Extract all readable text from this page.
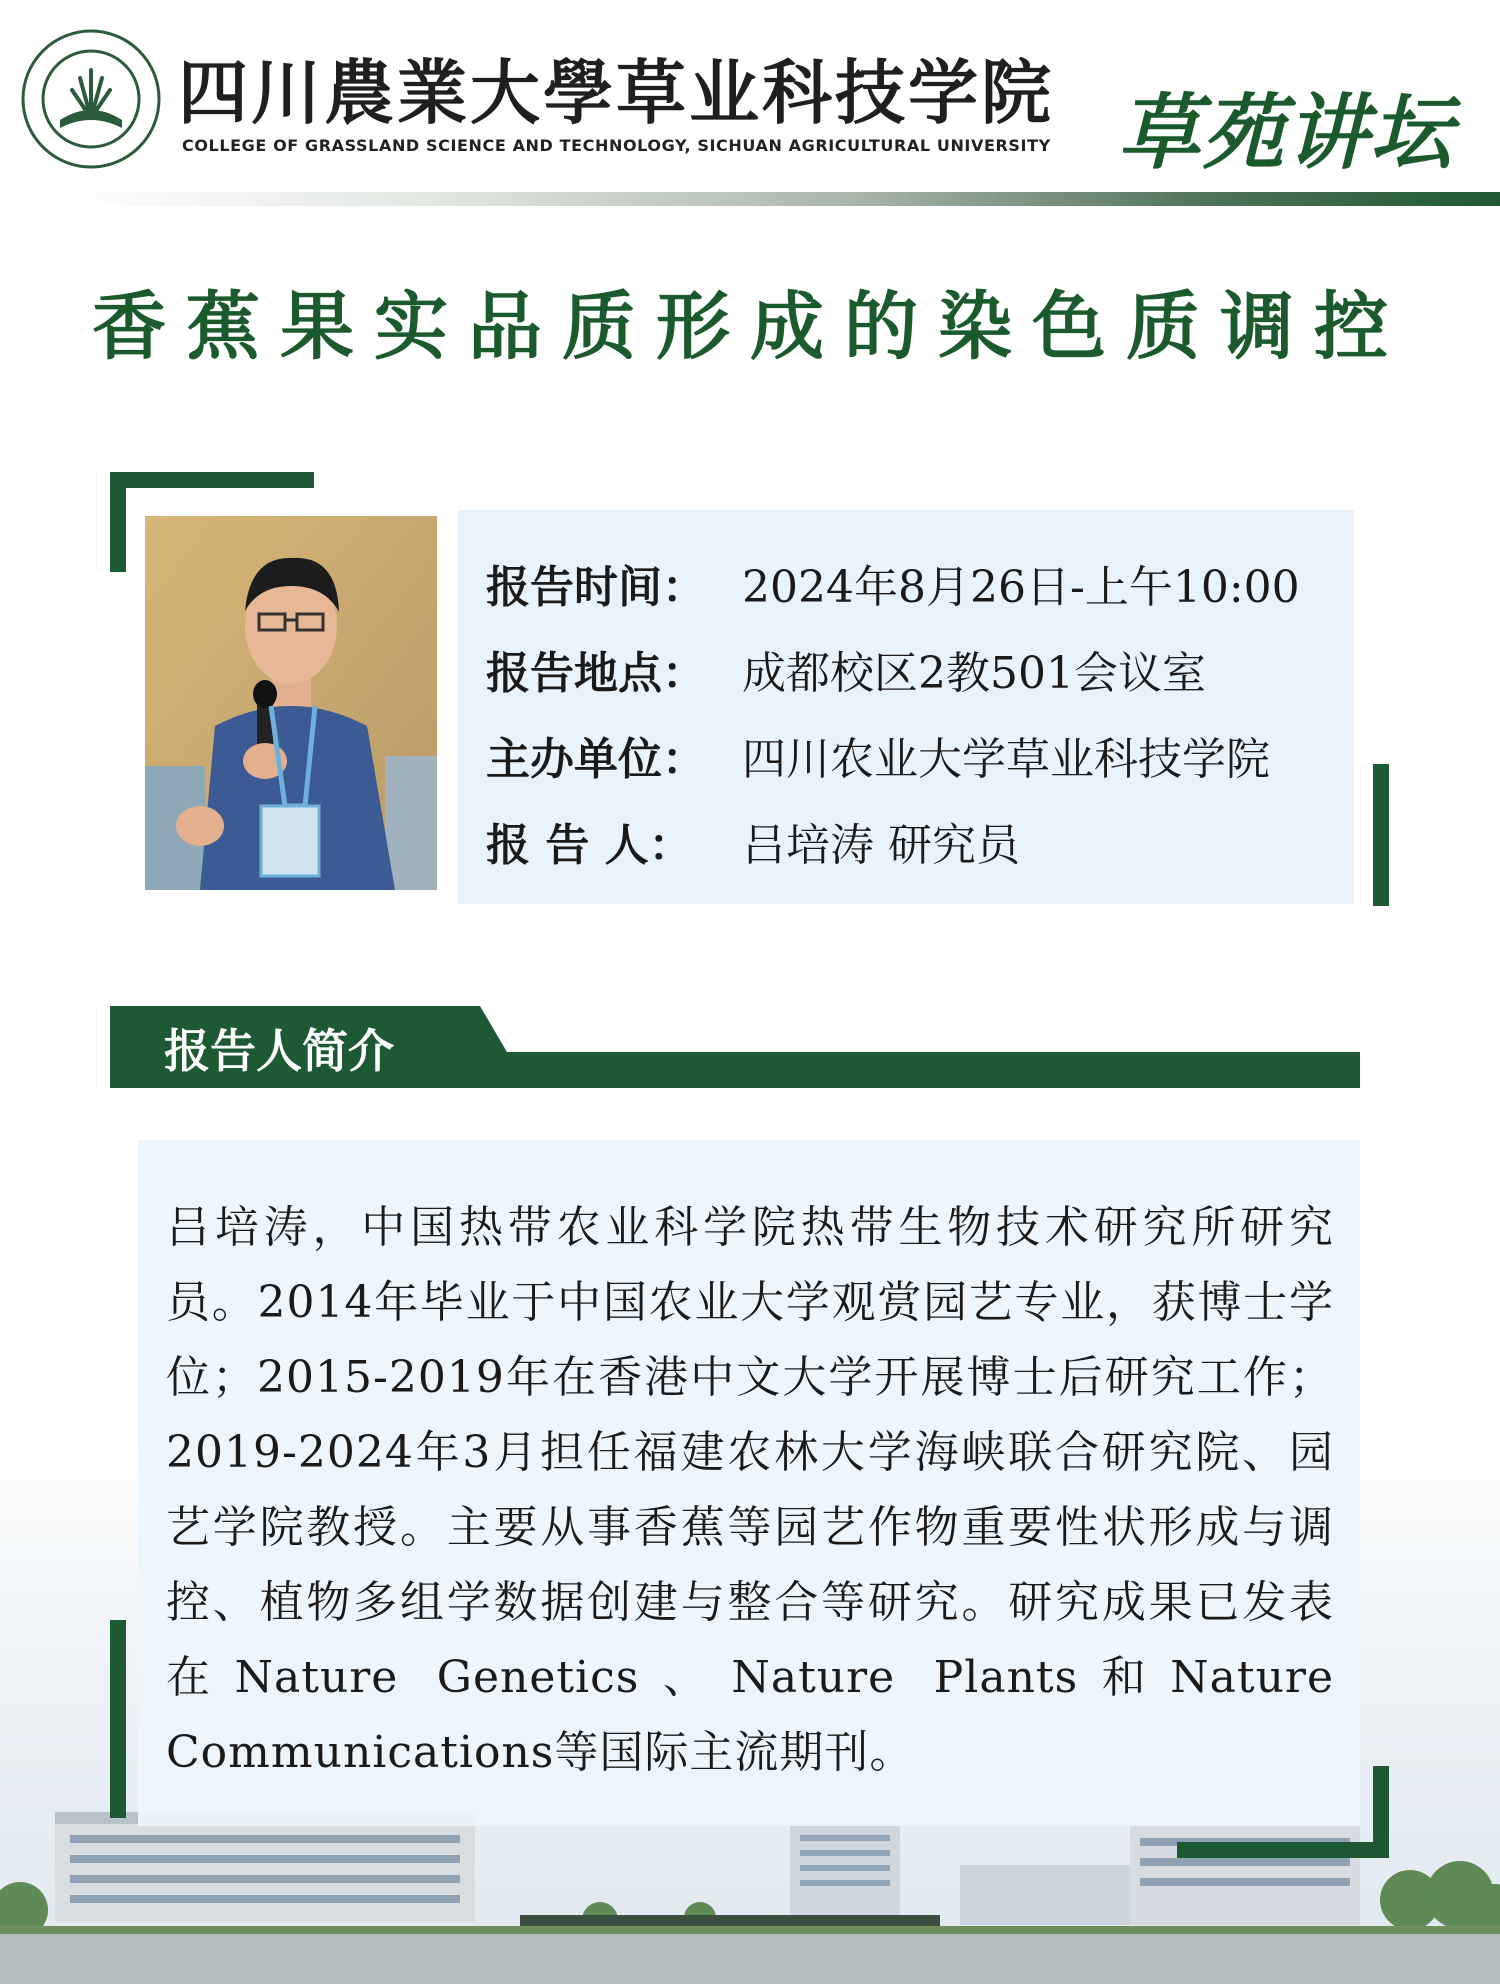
四川農業大學草业科技学院
COLLEGE OF GRASSLAND SCIENCE AND TECHNOLOGY, SICHUAN AGRICULTURAL UNIVERSITY 草苑讲坛
香蕉果实品质形成的染色质调控
报告时间： 2024年8月26日-上午10:00
报告地点： 成都校区2教501会议室
主办单位： 四川农业大学草业科技学院
报 告 人： 吕培涛 研究员
报告人简介
吕培涛，中国热带农业科学院热带生物技术研究所研究员。2014年毕业于中国农业大学观赏园艺专业，获博士学位；2015-2019年在香港中文大学开展博士后研究工作；2019-2024年3月担任福建农林大学海峡联合研究院、园艺学院教授。主要从事香蕉等园艺作物重要性状形成与调控、植物多组学数据创建与整合等研究。研究成果已发表在Nature Genetics、Nature Plants和Nature Communications等国际主流期刊。
